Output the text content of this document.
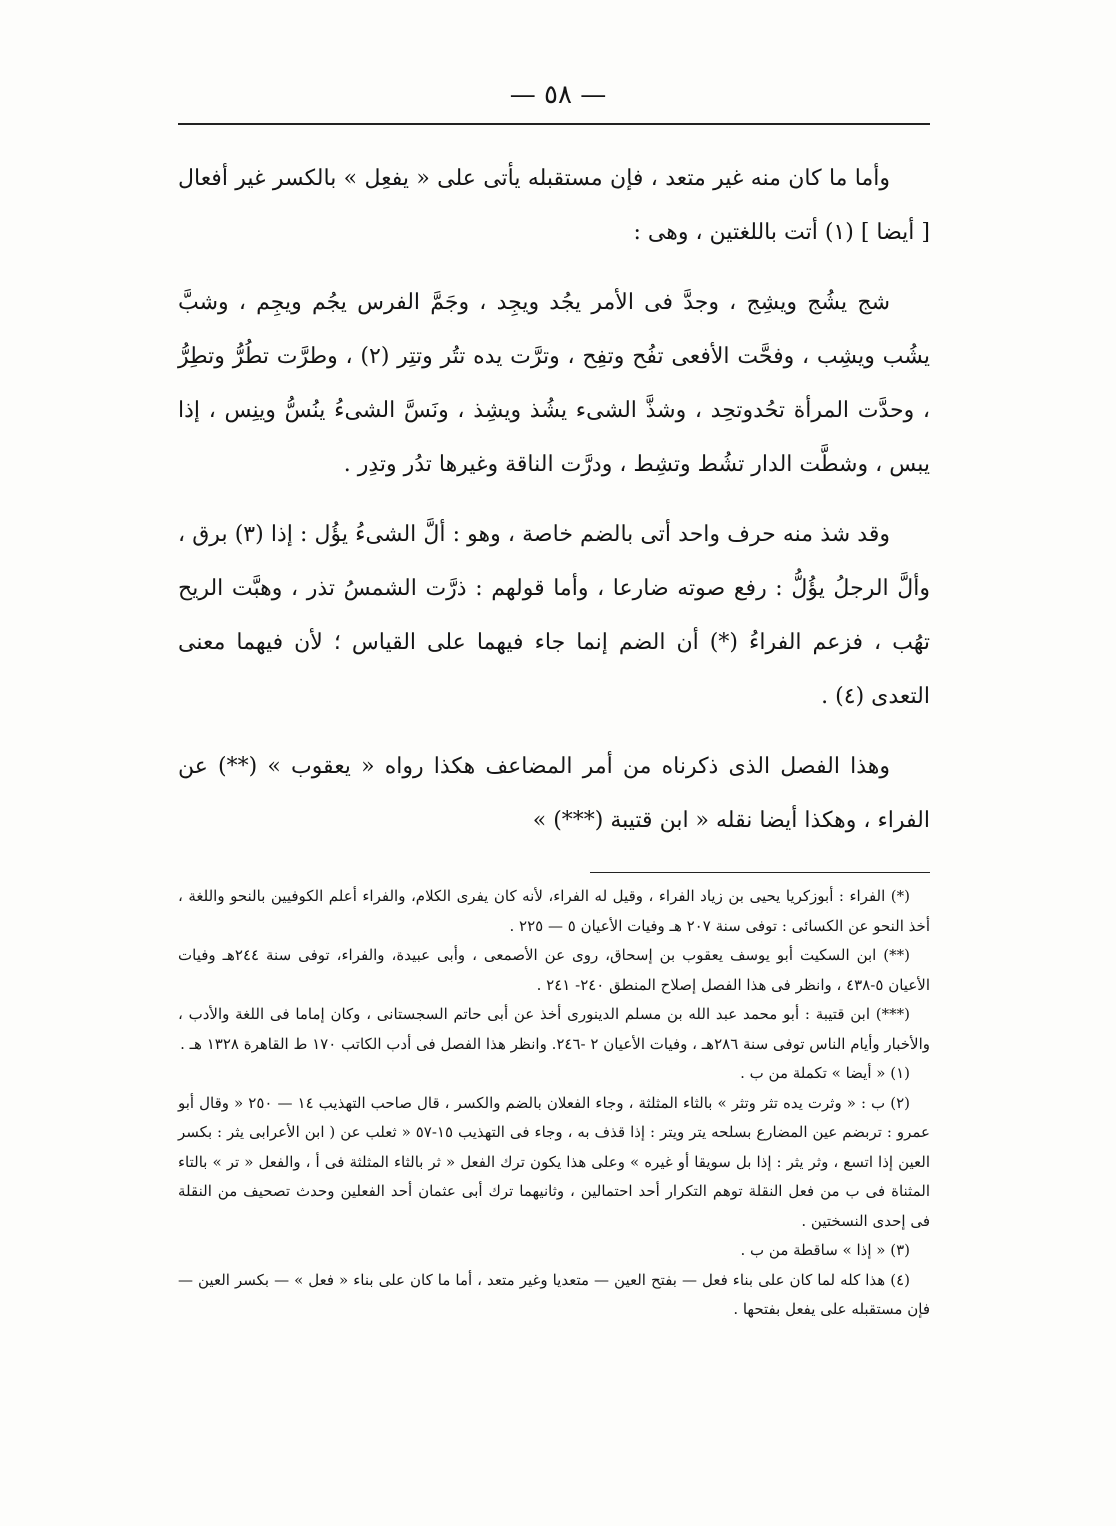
— ٥٨ —

وأما ما كان منه غير متعد ، فإن مستقبله يأتى على « يفعِل » بالكسر غير أفعال [ أيضا ] (١) أتت باللغتين ، وهى :

شج يشُج ويشِج ، وجدَّ فى الأمر يجُد ويجِد ، وجَمَّ الفرس يجُم ويجِم ، وشبَّ يشُب ويشِب ، وفحَّت الأفعى تفُح وتفِح ، وترَّت يده تتُر وتتِر (٢) ، وطرَّت تطُرُّ وتطِرُّ ، وحدَّت المرأة تحُدوتحِد ، وشذَّ الشىء يشُذ ويشِذ ، ونَسَّ الشىءُ ينُسُّ وينِس ، إذا يبس ، وشطَّت الدار تشُط وتشِط ، ودرَّت الناقة وغيرها تدُر وتدِر .

وقد شذ منه حرف واحد أتى بالضم خاصة ، وهو : ألَّ الشىءُ يؤُل : إذا (٣) برق ، وألَّ الرجلُ يؤُلُّ : رفع صوته ضارعا ، وأما قولهم : ذرَّت الشمسُ تذر ، وهبَّت الريح تهُب ، فزعم الفراءُ (*) أن الضم إنما جاء فيهما على القياس ؛ لأن فيهما معنى التعدى (٤) .

وهذا الفصل الذى ذكرناه من أمر المضاعف هكذا رواه « يعقوب » (**) عن الفراء ، وهكذا أيضا نقله « ابن قتيبة (***) »

(*) الفراء : أبوزكريا يحيى بن زياد الفراء ، وقيل له الفراء، لأنه كان يفرى الكلام، والفراء أعلم الكوفيين بالنحو واللغة ، أخذ النحو عن الكسائى : توفى سنة ٢٠٧ هـ وفيات الأعيان ٥ — ٢٢٥ .

(**) ابن السكيت أبو يوسف يعقوب بن إسحاق، روى عن الأصمعى ، وأبى عبيدة، والفراء، توفى سنة ٢٤٤هـ وفيات الأعيان ٥-٤٣٨ ، وانظر فى هذا الفصل إصلاح المنطق ٢٤٠- ٢٤١ .

(***) ابن قتيبة : أبو محمد عبد الله بن مسلم الدينورى أخذ عن أبى حاتم السجستانى ، وكان إماما فى اللغة والأدب ، والأخبار وأيام الناس توفى سنة ٢٨٦هـ ، وفيات الأعيان ٢ -٢٤٦. وانظر هذا الفصل فى أدب الكاتب ١٧٠ ط القاهرة ١٣٢٨ هـ .

(١) « أيضا » تكملة من ب .

(٢) ب : « وثرت يده تثر وتثر » بالثاء المثلثة ، وجاء الفعلان بالضم والكسر ، قال صاحب التهذيب ١٤ — ٢٥٠ « وقال أبو عمرو : تربضم عين المضارع بسلحه يتر ويتر : إذا قذف به ، وجاء فى التهذيب ١٥-٥٧ « ثعلب عن ( ابن الأعرابى يثر : بكسر العين إذا اتسع ، وثر يثر : إذا بل سويقا أو غيره » وعلى هذا يكون ترك الفعل « ثر بالثاء المثلثة فى أ ، والفعل « تر » بالتاء المثناة فى ب من فعل النقلة توهم التكرار أحد احتمالين ، وثانيهما ترك أبى عثمان أحد الفعلين وحدث تصحيف من النقلة فى إحدى النسختين .

(٣) « إذا » ساقطة من ب .

(٤) هذا كله لما كان على بناء فعل — بفتح العين — متعديا وغير متعد ، أما ما كان على بناء « فعل » — بكسر العين — فإن مستقبله على يفعل بفتحها .
